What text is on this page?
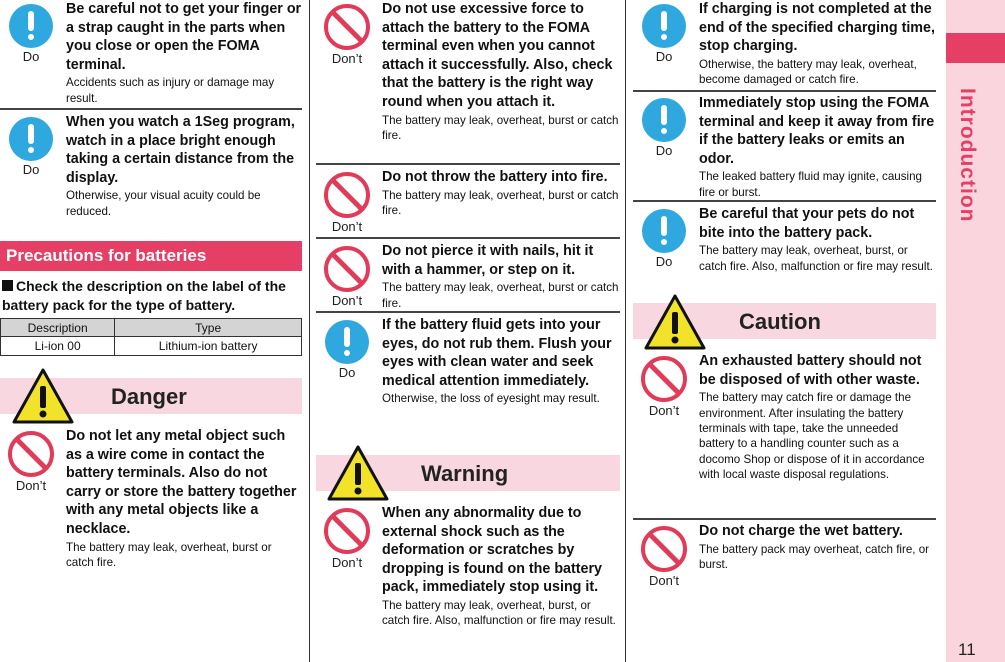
Do
Be careful not to get your finger or a strap caught in the parts when you close or open the FOMA terminal.
Accidents such as injury or damage may result.
Do
When you watch a 1Seg program, watch in a place bright enough taking a certain distance from the display.
Otherwise, your visual acuity could be reduced.
Precautions for batteries
Check the description on the label of the battery pack for the type of battery.
Description	Type
Li-ion 00	Lithium-ion battery
Danger
Don’t
Do not let any metal object such as a wire come in contact the battery terminals. Also do not carry or store the battery together with any metal objects like a necklace.
The battery may leak, overheat, burst or catch fire.
Don’t
Do not use excessive force to attach the battery to the FOMA terminal even when you cannot attach it successfully. Also, check that the battery is the right way round when you attach it.
The battery may leak, overheat, burst or catch fire.
Don’t
Do not throw the battery into fire.
The battery may leak, overheat, burst or catch fire.
Don’t
Do not pierce it with nails, hit it with a hammer, or step on it.
The battery may leak, overheat, burst or catch fire.
Do
If the battery fluid gets into your eyes, do not rub them. Flush your eyes with clean water and seek medical attention immediately.
Otherwise, the loss of eyesight may result.
Warning
Don’t
When any abnormality due to external shock such as the deformation or scratches by dropping is found on the battery pack, immediately stop using it.
The battery may leak, overheat, burst, or catch fire. Also, malfunction or fire may result.
Do
If charging is not completed at the end of the specified charging time, stop charging.
Otherwise, the battery may leak, overheat, become damaged or catch fire.
Do
Immediately stop using the FOMA terminal and keep it away from fire if the battery leaks or emits an odor.
The leaked battery fluid may ignite, causing fire or burst.
Do
Be careful that your pets do not bite into the battery pack.
The battery may leak, overheat, burst, or catch fire. Also, malfunction or fire may result.
Caution
Don’t
An exhausted battery should not be disposed of with other waste.
The battery may catch fire or damage the environment. After insulating the battery terminals with tape, take the unneeded battery to a handling counter such as a docomo Shop or dispose of it in accordance with local waste disposal regulations.
Don't
Do not charge the wet battery.
The battery pack may overheat, catch fire, or burst.
Introduction
11
